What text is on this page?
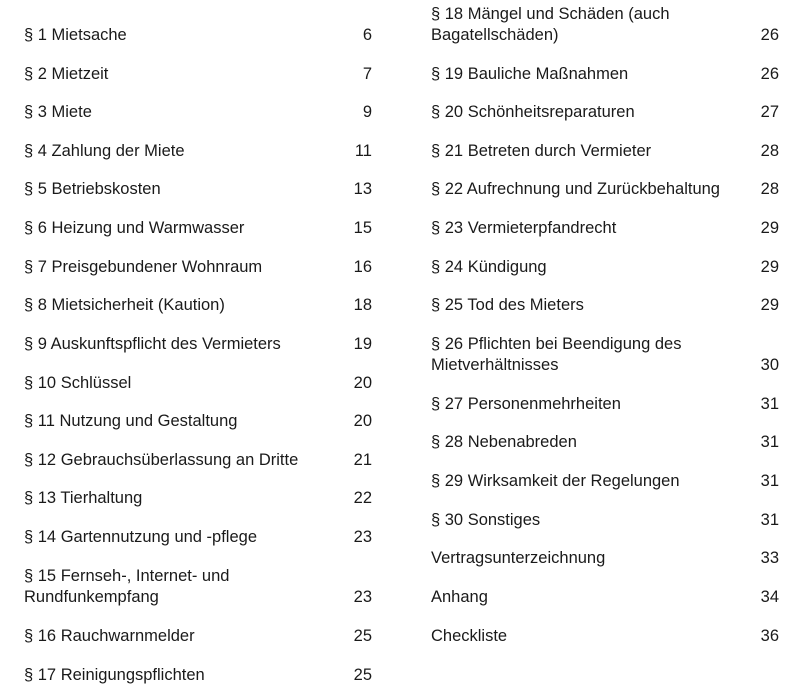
§ 1 Mietsache	6
§ 2 Mietzeit	7
§ 3 Miete	9
§ 4 Zahlung der Miete	11
§ 5 Betriebskosten	13
§ 6 Heizung und Warmwasser	15
§ 7 Preisgebundener Wohnraum	16
§ 8 Mietsicherheit (Kaution)	18
§ 9 Auskunftspflicht des Vermieters	19
§ 10 Schlüssel	20
§ 11 Nutzung und Gestaltung	20
§ 12 Gebrauchsüberlassung an Dritte	21
§ 13 Tierhaltung	22
§ 14 Gartennutzung und -pflege	23
§ 15 Fernseh-, Internet- und Rundfunkempfang	23
§ 16 Rauchwarnmelder	25
§ 17 Reinigungspflichten	25
§ 18 Mängel und Schäden (auch Bagatellschäden)	26
§ 19 Bauliche Maßnahmen	26
§ 20 Schönheitsreparaturen	27
§ 21 Betreten durch Vermieter	28
§ 22 Aufrechnung und Zurückbehaltung	28
§ 23 Vermieterpfandrecht	29
§ 24 Kündigung	29
§ 25 Tod des Mieters	29
§ 26 Pflichten bei Beendigung des Mietverhältnisses	30
§ 27 Personenmehrheiten	31
§ 28 Nebenabreden	31
§ 29 Wirksamkeit der Regelungen	31
§ 30 Sonstiges	31
Vertragsunterzeichnung	33
Anhang	34
Checkliste	36
